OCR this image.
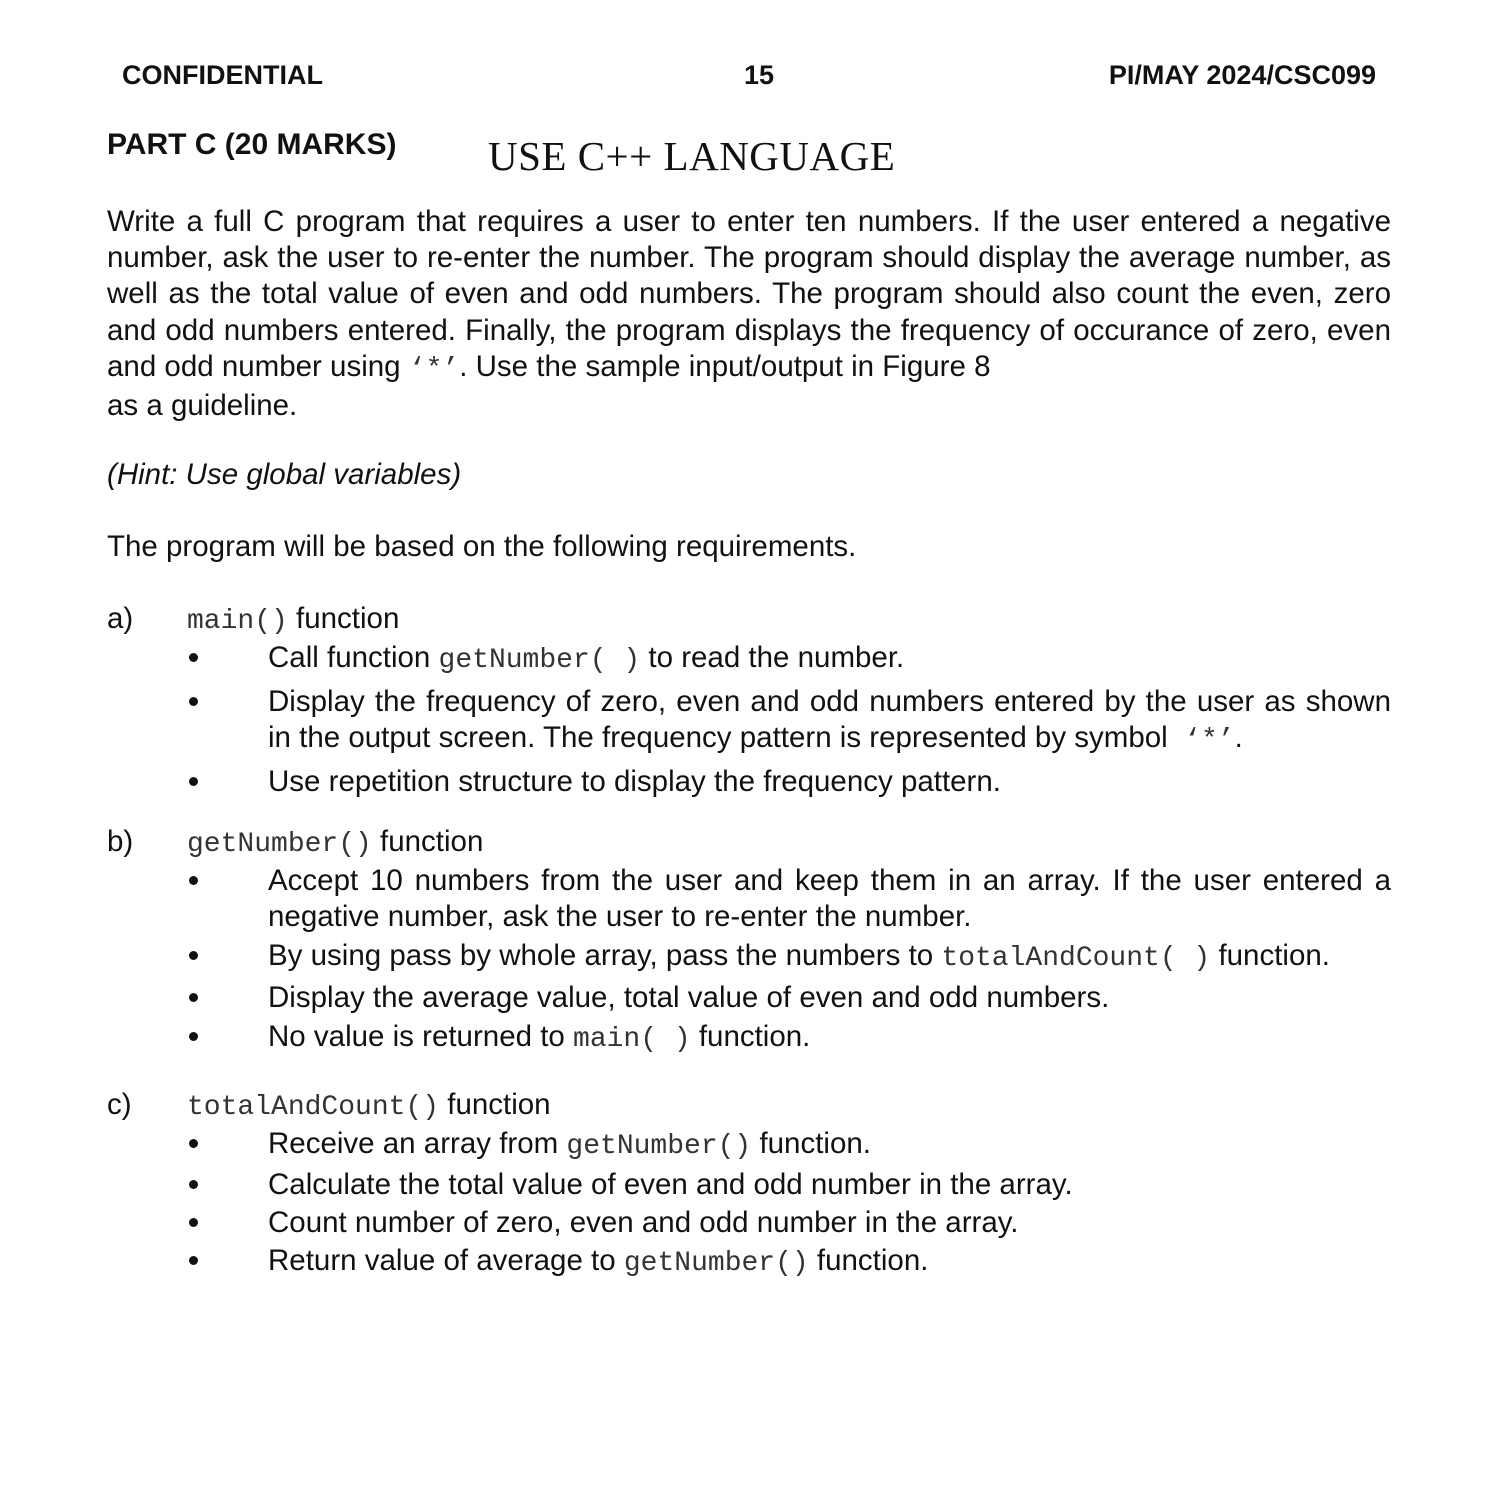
CONFIDENTIAL	15	PI/MAY 2024/CSC099
PART C (20 MARKS) USE C++ LANGUAGE

Write a full C program that requires a user to enter ten numbers. If the user entered a negative number, ask the user to re-enter the number. The program should display the average number, as well as the total value of even and odd numbers. The program should also count the even, zero and odd numbers entered. Finally, the program displays the frequency of occurance of zero, even and odd number using ‘*’. Use the sample input/output in Figure 8

as a guideline.

(Hint: Use global variables)

The program will be based on the following requirements.

a) main() function
Call function getNumber( ) to read the number.
Display the frequency of zero, even and odd numbers entered by the user as shown in the output screen. The frequency pattern is represented by symbol ‘*’.
Use repetition structure to display the frequency pattern.
b) getNumber() function
Accept 10 numbers from the user and keep them in an array. If the user entered a negative number, ask the user to re-enter the number.
By using pass by whole array, pass the numbers to totalAndCount( ) function.
Display the average value, total value of even and odd numbers.
No value is returned to main( ) function.
c) totalAndCount() function
Receive an array from getNumber() function.
Calculate the total value of even and odd number in the array.
Count number of zero, even and odd number in the array.
Return value of average to getNumber() function.
